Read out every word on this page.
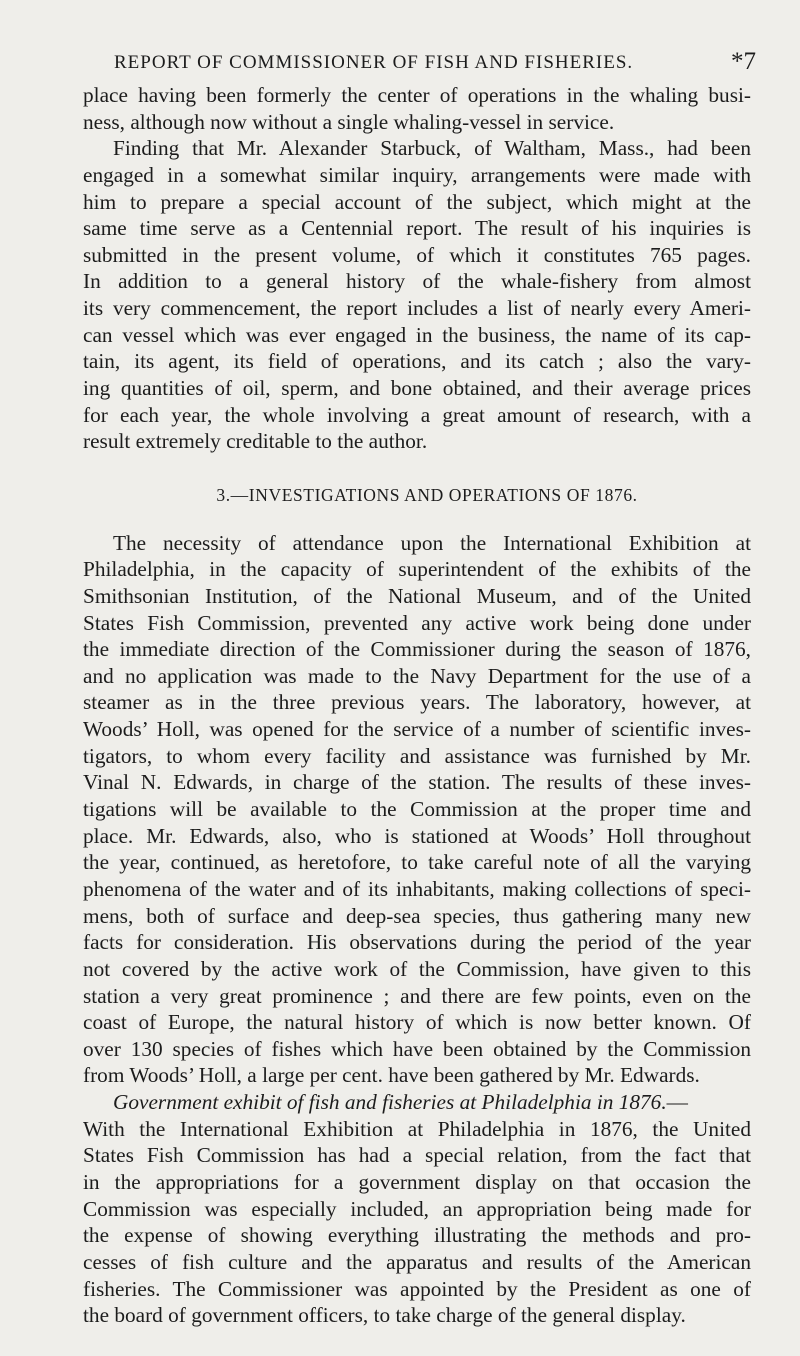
REPORT OF COMMISSIONER OF FISH AND FISHERIES.	*7
place having been formerly the center of operations in the whaling busi-
ness, although now without a single whaling-vessel in service.
Finding that Mr. Alexander Starbuck, of Waltham, Mass., had been
engaged in a somewhat similar inquiry, arrangements were made with
him to prepare a special account of the subject, which might at the
same time serve as a Centennial report. The result of his inquiries is
submitted in the present volume, of which it constitutes 765 pages.
In addition to a general history of the whale-fishery from almost
its very commencement, the report includes a list of nearly every Ameri-
can vessel which was ever engaged in the business, the name of its cap-
tain, its agent, its field of operations, and its catch ; also the vary-
ing quantities of oil, sperm, and bone obtained, and their average prices
for each year, the whole involving a great amount of research, with a
result extremely creditable to the author.
3.—INVESTIGATIONS AND OPERATIONS OF 1876.
The necessity of attendance upon the International Exhibition at
Philadelphia, in the capacity of superintendent of the exhibits of the
Smithsonian Institution, of the National Museum, and of the United
States Fish Commission, prevented any active work being done under
the immediate direction of the Commissioner during the season of 1876,
and no application was made to the Navy Department for the use of a
steamer as in the three previous years. The laboratory, however, at
Woods’ Holl, was opened for the service of a number of scientific inves-
tigators, to whom every facility and assistance was furnished by Mr.
Vinal N. Edwards, in charge of the station. The results of these inves-
tigations will be available to the Commission at the proper time and
place. Mr. Edwards, also, who is stationed at Woods’ Holl throughout
the year, continued, as heretofore, to take careful note of all the varying
phenomena of the water and of its inhabitants, making collections of speci-
mens, both of surface and deep-sea species, thus gathering many new
facts for consideration. His observations during the period of the year
not covered by the active work of the Commission, have given to this
station a very great prominence ; and there are few points, even on the
coast of Europe, the natural history of which is now better known. Of
over 130 species of fishes which have been obtained by the Commission
from Woods’ Holl, a large per cent. have been gathered by Mr. Edwards.
Government exhibit of fish and fisheries at Philadelphia in 1876.—
With the International Exhibition at Philadelphia in 1876, the United
States Fish Commission has had a special relation, from the fact that
in the appropriations for a government display on that occasion the
Commission was especially included, an appropriation being made for
the expense of showing everything illustrating the methods and pro-
cesses of fish culture and the apparatus and results of the American
fisheries. The Commissioner was appointed by the President as one of
the board of government officers, to take charge of the general display.
